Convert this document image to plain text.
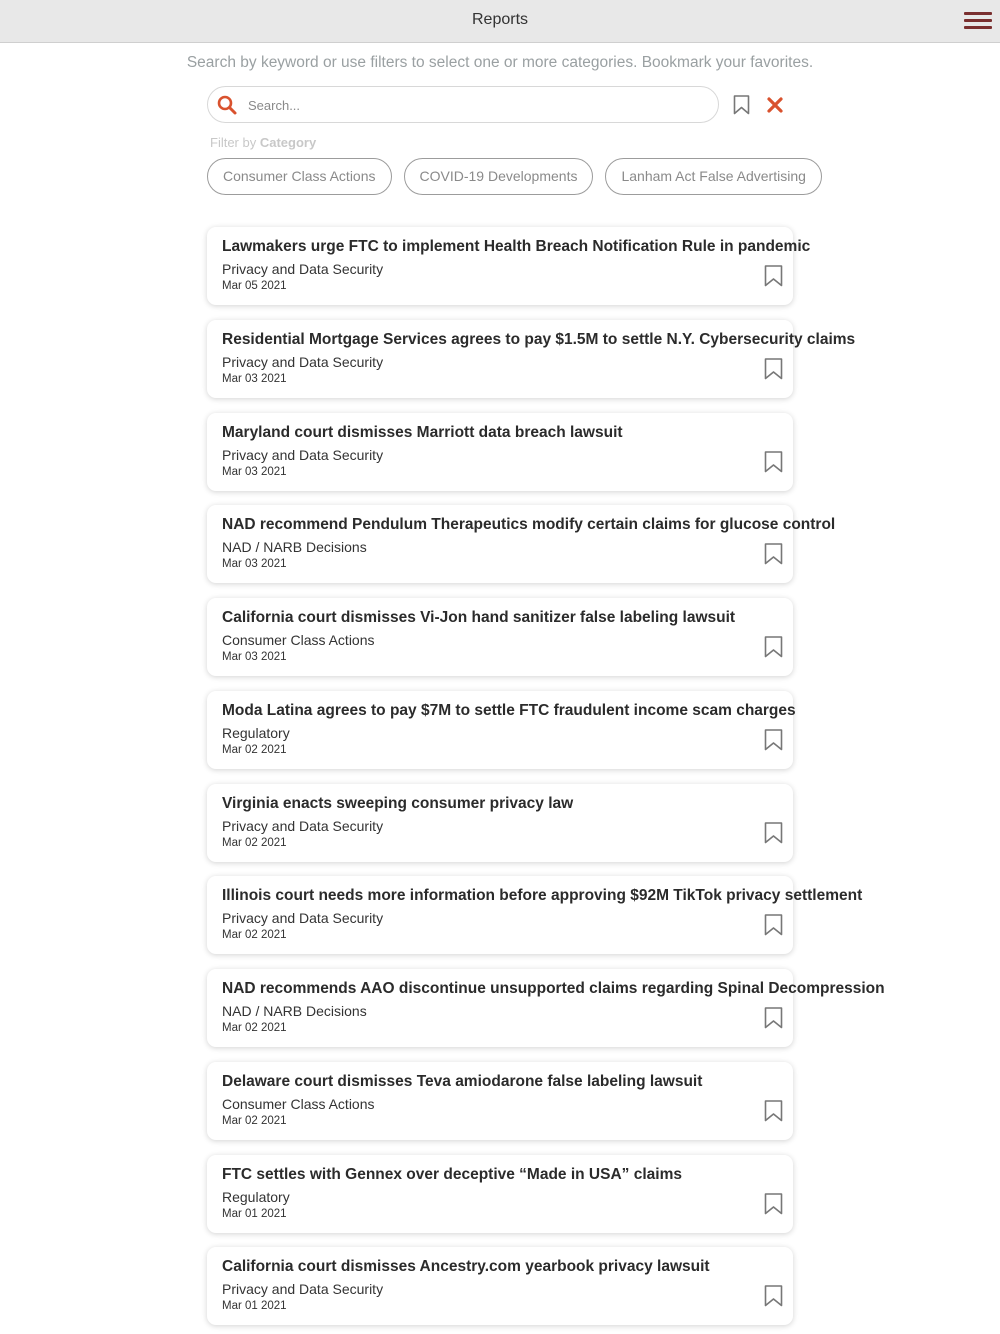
Reports
Search by keyword or use filters to select one or more categories. Bookmark your favorites.
Search...
Filter by Category
Consumer Class Actions	COVID-19 Developments	Lanham Act False Advertising
Lawmakers urge FTC to implement Health Breach Notification Rule in pandemic
Privacy and Data Security
Mar 05 2021
Residential Mortgage Services agrees to pay $1.5M to settle N.Y. Cybersecurity claims
Privacy and Data Security
Mar 03 2021
Maryland court dismisses Marriott data breach lawsuit
Privacy and Data Security
Mar 03 2021
NAD recommend Pendulum Therapeutics modify certain claims for glucose control
NAD / NARB Decisions
Mar 03 2021
California court dismisses Vi-Jon hand sanitizer false labeling lawsuit
Consumer Class Actions
Mar 03 2021
Moda Latina agrees to pay $7M to settle FTC fraudulent income scam charges
Regulatory
Mar 02 2021
Virginia enacts sweeping consumer privacy law
Privacy and Data Security
Mar 02 2021
Illinois court needs more information before approving $92M TikTok privacy settlement
Privacy and Data Security
Mar 02 2021
NAD recommends AAO discontinue unsupported claims regarding Spinal Decompression
NAD / NARB Decisions
Mar 02 2021
Delaware court dismisses Teva amiodarone false labeling lawsuit
Consumer Class Actions
Mar 02 2021
FTC settles with Gennex over deceptive “Made in USA” claims
Regulatory
Mar 01 2021
California court dismisses Ancestry.com yearbook privacy lawsuit
Privacy and Data Security
Mar 01 2021
